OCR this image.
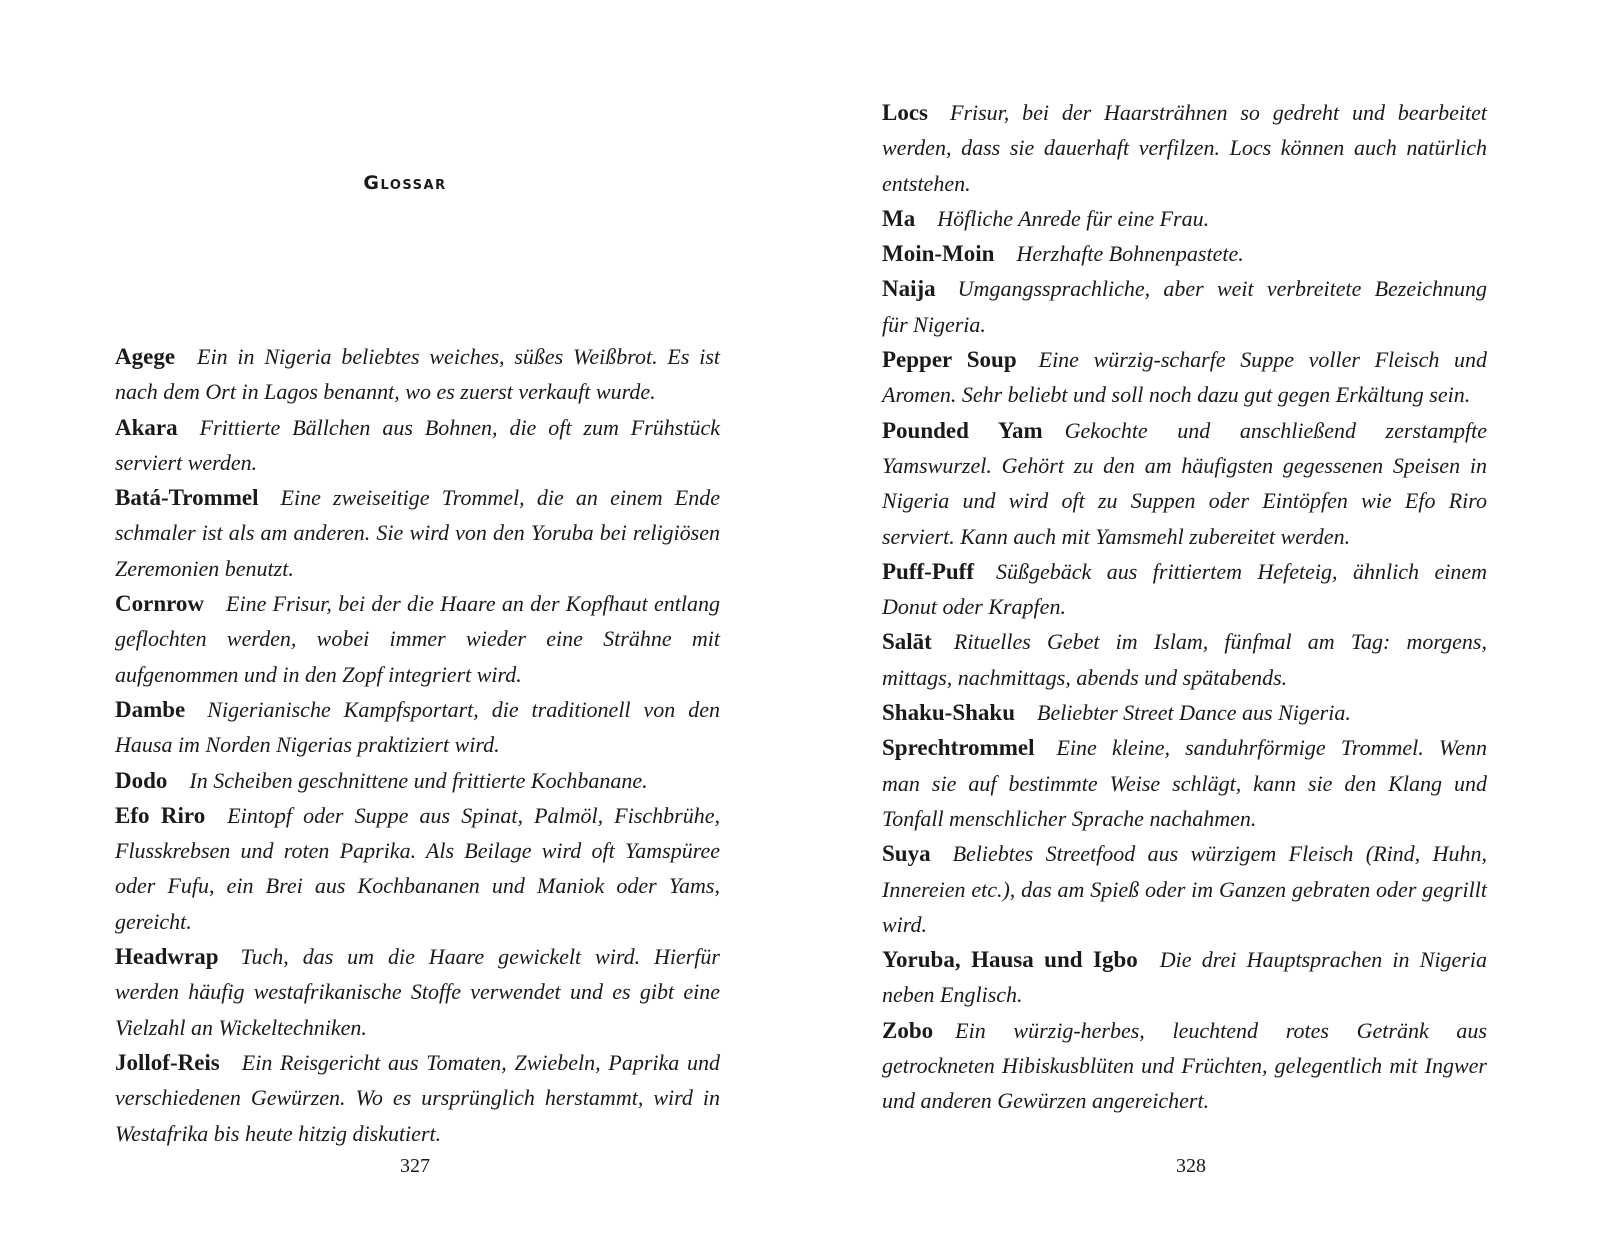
Glossar

Agege Ein in Nigeria beliebtes weiches, süßes Weißbrot. Es ist nach dem Ort in Lagos benannt, wo es zuerst verkauft wurde.

Akara Frittierte Bällchen aus Bohnen, die oft zum Frühstück serviert werden.

Batá-Trommel Eine zweiseitige Trommel, die an einem Ende schmaler ist als am anderen. Sie wird von den Yoruba bei religiösen Zeremonien benutzt.

Cornrow Eine Frisur, bei der die Haare an der Kopfhaut entlang geflochten werden, wobei immer wieder eine Strähne mit aufgenommen und in den Zopf integriert wird.

Dambe Nigerianische Kampfsportart, die traditionell von den Hausa im Norden Nigerias praktiziert wird.

Dodo In Scheiben geschnittene und frittierte Kochbanane.

Efo Riro Eintopf oder Suppe aus Spinat, Palmöl, Fischbrühe, Flusskrebsen und roten Paprika. Als Beilage wird oft Yamspüree oder Fufu, ein Brei aus Kochbananen und Maniok oder Yams, gereicht.

Headwrap Tuch, das um die Haare gewickelt wird. Hierfür werden häufig westafrikanische Stoffe verwendet und es gibt eine Vielzahl an Wickeltechniken.

Jollof-Reis Ein Reisgericht aus Tomaten, Zwiebeln, Paprika und verschiedenen Gewürzen. Wo es ursprünglich herstammt, wird in Westafrika bis heute hitzig diskutiert.

327

Locs Frisur, bei der Haarsträhnen so gedreht und bearbeitet werden, dass sie dauerhaft verfilzen. Locs können auch natürlich entstehen.

Ma Höfliche Anrede für eine Frau.

Moin-Moin Herzhafte Bohnenpastete.

Naija Umgangssprachliche, aber weit verbreitete Bezeichnung für Nigeria.

Pepper Soup Eine würzig-scharfe Suppe voller Fleisch und Aromen. Sehr beliebt und soll noch dazu gut gegen Erkältung sein.

Pounded Yam Gekochte und anschließend zerstampfte Yamswurzel. Gehört zu den am häufigsten gegessenen Speisen in Nigeria und wird oft zu Suppen oder Eintöpfen wie Efo Riro serviert. Kann auch mit Yamsmehl zubereitet werden.

Puff-Puff Süßgebäck aus frittiertem Hefeteig, ähnlich einem Donut oder Krapfen.

Salāt Rituelles Gebet im Islam, fünfmal am Tag: morgens, mittags, nachmittags, abends und spätabends.

Shaku-Shaku Beliebter Street Dance aus Nigeria.

Sprechtrommel Eine kleine, sanduhrförmige Trommel. Wenn man sie auf bestimmte Weise schlägt, kann sie den Klang und Tonfall menschlicher Sprache nachahmen.

Suya Beliebtes Streetfood aus würzigem Fleisch (Rind, Huhn, Innereien etc.), das am Spieß oder im Ganzen gebraten oder gegrillt wird.

Yoruba, Hausa und Igbo Die drei Hauptsprachen in Nigeria neben Englisch.

Zobo Ein würzig-herbes, leuchtend rotes Getränk aus getrockneten Hibiskusblüten und Früchten, gelegentlich mit Ingwer und anderen Gewürzen angereichert.

328
